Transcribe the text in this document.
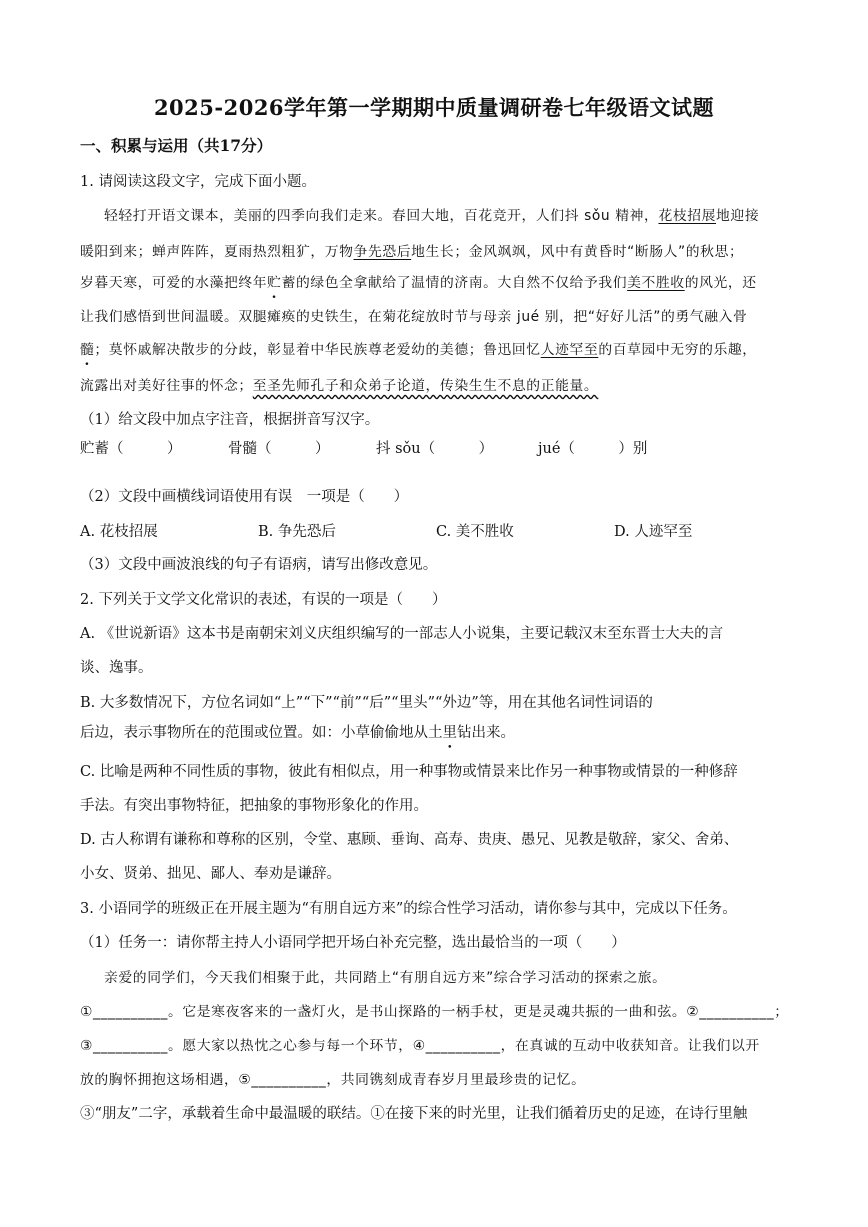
2025-2026学年第一学期期中质量调研卷七年级语文试题
一、积累与运用（共17分）
1. 请阅读这段文字，完成下面小题。
轻轻打开语文课本，美丽的四季向我们走来。春回大地，百花竞开，人们抖 sǒu 精神，花枝招展地迎接
暖阳到来；蝉声阵阵，夏雨热烈粗犷，万物争先恐后地生长；金风飒飒，风中有黄昏时“断肠人”的秋思；
岁暮天寒，可爱的水藻把终年贮蓄的绿色全拿献给了温情的济南。大自然不仅给予我们美不胜收的风光，还
让我们感悟到世间温暖。双腿瘫痪的史铁生，在菊花绽放时节与母亲 jué 别，把“好好儿活”的勇气融入骨
髓；莫怀戚解决散步的分歧，彰显着中华民族尊老爱幼的美德；鲁迅回忆人迹罕至的百草园中无穷的乐趣，
流露出对美好往事的怀念；至圣先师孔子和众弟子论道，传染生生不息的正能量。
（1）给文段中加点字注音，根据拼音写汉字。
贮蓄（　　　）	骨髓（　　　）	抖 sǒu（　　　）	jué（　　　）别
（2）文段中画横线词语使用有误　一项是（　　）
A. 花枝招展	B. 争先恐后	C. 美不胜收	D. 人迹罕至
（3）文段中画波浪线的句子有语病，请写出修改意见。
2. 下列关于文学文化常识的表述，有误的一项是（　　）
A. 《世说新语》这本书是南朝宋刘义庆组织编写的一部志人小说集，主要记载汉末至东晋士大夫的言
谈、逸事。
B. 大多数情况下，方位名词如“上”“下”“前”“后”“里头”“外边”等，用在其他名词性词语的
后边，表示事物所在的范围或位置。如：小草偷偷地从土里钻出来。
C. 比喻是两种不同性质的事物，彼此有相似点，用一种事物或情景来比作另一种事物或情景的一种修辞
手法。有突出事物特征，把抽象的事物形象化的作用。
D. 古人称谓有谦称和尊称的区别，令堂、惠顾、垂询、高寿、贵庚、愚兄、见教是敬辞，家父、舍弟、
小女、贤弟、拙见、鄙人、奉劝是谦辞。
3. 小语同学的班级正在开展主题为“有朋自远方来”的综合性学习活动，请你参与其中，完成以下任务。
（1）任务一：请你帮主持人小语同学把开场白补充完整，选出最恰当的一项（　　）
亲爱的同学们，今天我们相聚于此，共同踏上“有朋自远方来”综合学习活动的探索之旅。
①__________。它是寒夜客来的一盏灯火，是书山探路的一柄手杖，更是灵魂共振的一曲和弦。②__________；
③__________。愿大家以热忱之心参与每一个环节，④__________，在真诚的互动中收获知音。让我们以开
放的胸怀拥抱这场相遇，⑤__________，共同镌刻成青春岁月里最珍贵的记忆。
③“朋友”二字，承载着生命中最温暖的联结。①在接下来的时光里，让我们循着历史的足迹，在诗行里触
